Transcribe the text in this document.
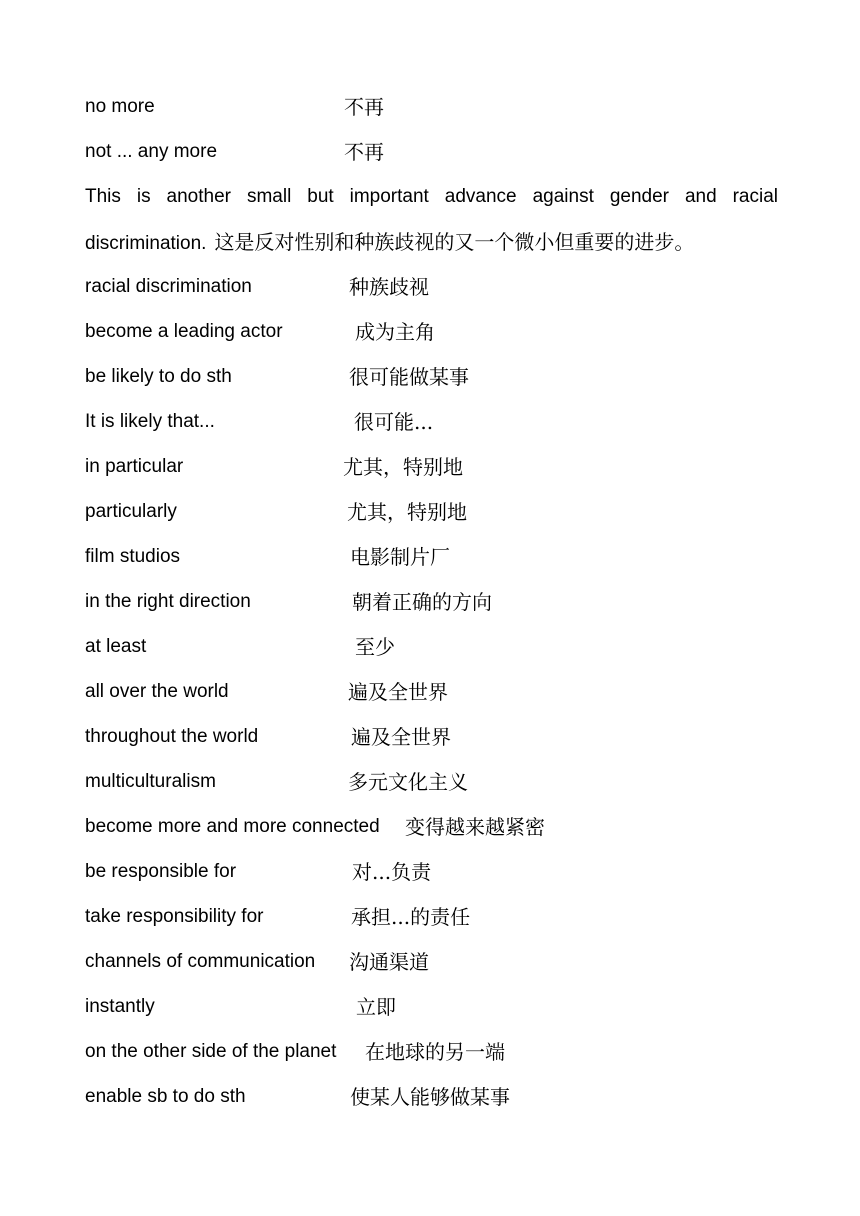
no more	不再
not ... any more	不再
This is another small but important advance against gender and racial
discrimination. 这是反对性别和种族歧视的又一个微小但重要的进步。
racial discrimination	种族歧视
become a leading actor	成为主角
be likely to do sth	很可能做某事
It is likely that...	很可能...
in particular	尤其，特别地
particularly	尤其，特别地
film studios	电影制片厂
in the right direction	朝着正确的方向
at least	至少
all over the world	遍及全世界
throughout the world	遍及全世界
multiculturalism	多元文化主义
become more and more connected 变得越来越紧密
be responsible for	对...负责
take responsibility for	承担...的责任
channels of communication 沟通渠道
instantly	立即
on the other side of the planet 在地球的另一端
enable sb to do sth	使某人能够做某事
